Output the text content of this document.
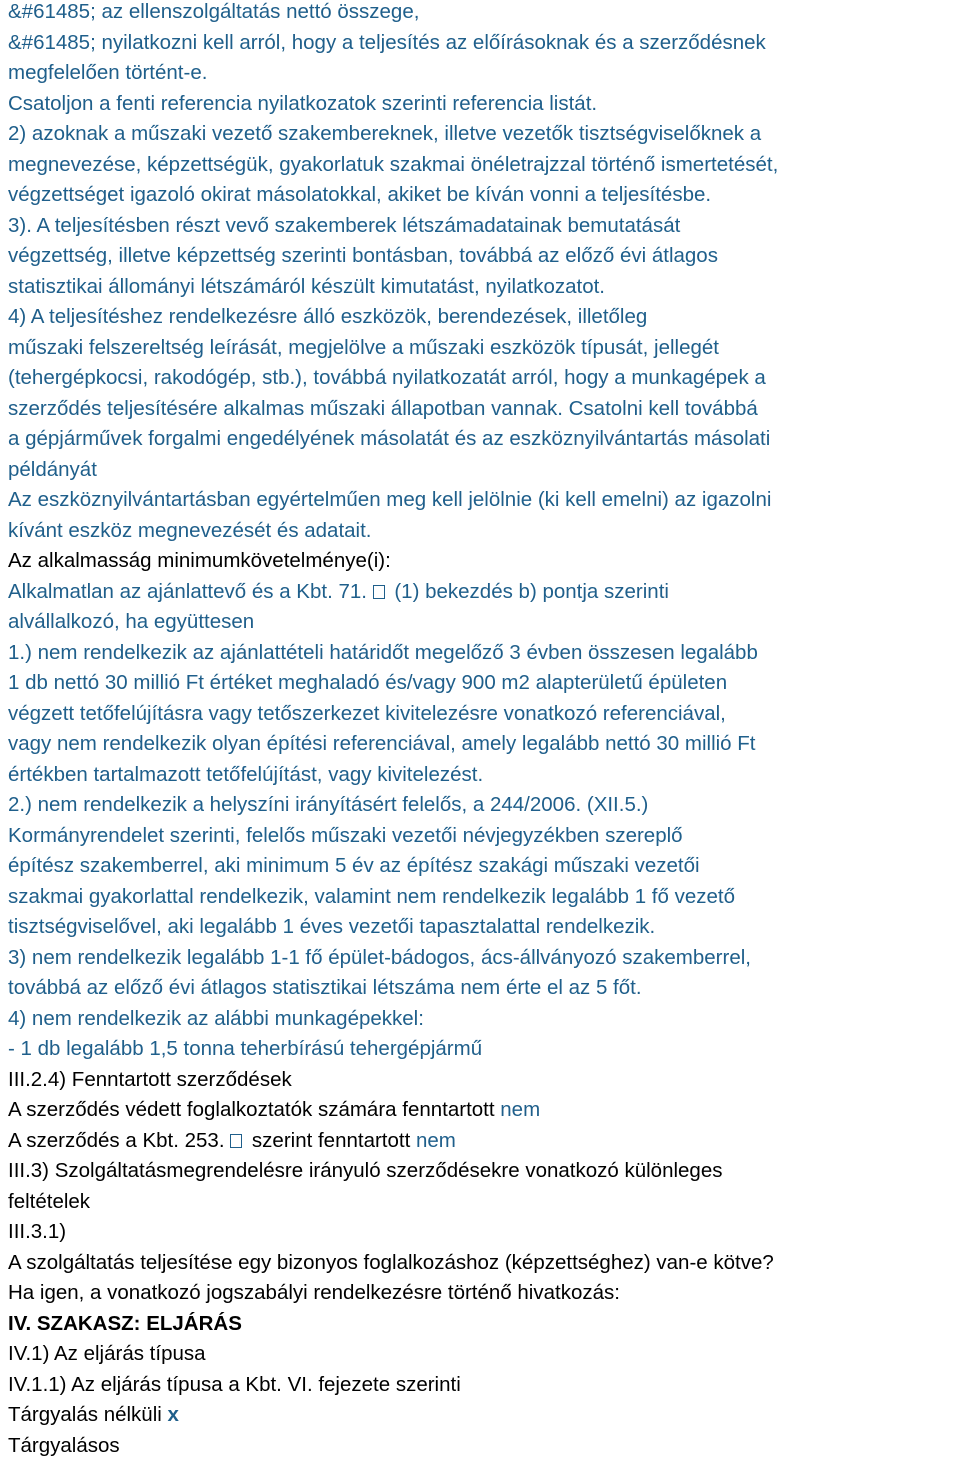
&#61485; az ellenszolgáltatás nettó összege,
&#61485; nyilatkozni kell arról, hogy a teljesítés az előírásoknak és a szerződésnek
megfelelően történt-e.
Csatoljon a fenti referencia nyilatkozatok szerinti referencia listát.
2) azoknak a műszaki vezető szakembereknek, illetve vezetők tisztségviselőknek a
megnevezése, képzettségük, gyakorlatuk szakmai önéletrajzzal történő ismertetését,
végzettséget igazoló okirat másolatokkal, akiket be kíván vonni a teljesítésbe.
3). A teljesítésben részt vevő szakemberek létszámadatainak bemutatását
végzettség, illetve képzettség szerinti bontásban, továbbá az előző évi átlagos
statisztikai állományi létszámáról készült kimutatást, nyilatkozatot.
4) A teljesítéshez rendelkezésre álló eszközök, berendezések, illetőleg
műszaki felszereltség leírását, megjelölve a műszaki eszközök típusát, jellegét
(tehergépkocsi, rakodógép, stb.), továbbá nyilatkozatát arról, hogy a munkagépek a
szerződés teljesítésére alkalmas műszaki állapotban vannak. Csatolni kell továbbá
a gépjárművek forgalmi engedélyének másolatát és az eszköznyilvántartás másolati
példányát
Az eszköznyilvántartásban egyértelműen meg kell jelölnie (ki kell emelni) az igazolni
kívánt eszköz megnevezését és adatait.
Az alkalmasság minimumkövetelménye(i):
Alkalmatlan az ajánlattevő és a Kbt. 71.  (1) bekezdés b) pontja szerinti
alvállalkozó, ha együttesen
1.) nem rendelkezik az ajánlattételi határidőt megelőző 3 évben összesen legalább
1 db nettó 30 millió Ft értéket meghaladó és/vagy 900 m2 alapterületű épületen
végzett tetőfelújításra vagy tetőszerkezet kivitelezésre vonatkozó referenciával,
vagy nem rendelkezik olyan építési referenciával, amely legalább nettó 30 millió Ft
értékben tartalmazott tetőfelújítást, vagy kivitelezést.
2.) nem rendelkezik a helyszíni irányításért felelős, a 244/2006. (XII.5.)
Kormányrendelet szerinti, felelős műszaki vezetői névjegyzékben szereplő
építész szakemberrel, aki minimum 5 év az építész szakági műszaki vezetői
szakmai gyakorlattal rendelkezik, valamint nem rendelkezik legalább 1 fő vezető
tisztségviselővel, aki legalább 1 éves vezetői tapasztalattal rendelkezik.
3) nem rendelkezik legalább 1-1 fő épület-bádogos, ács-állványozó szakemberrel,
továbbá az előző évi átlagos statisztikai létszáma nem érte el az 5 főt.
4) nem rendelkezik az alábbi munkagépekkel:
- 1 db legalább 1,5 tonna teherbírású tehergépjármű
III.2.4) Fenntartott szerződések
A szerződés védett foglalkoztatók számára fenntartott nem
A szerződés a Kbt. 253.  szerint fenntartott nem
III.3) Szolgáltatásmegrendelésre irányuló szerződésekre vonatkozó különleges
feltételek
III.3.1)
A szolgáltatás teljesítése egy bizonyos foglalkozáshoz (képzettséghez) van-e kötve?
Ha igen, a vonatkozó jogszabályi rendelkezésre történő hivatkozás:
IV. SZAKASZ: ELJÁRÁS
IV.1) Az eljárás típusa
IV.1.1) Az eljárás típusa a Kbt. VI. fejezete szerinti
Tárgyalás nélküli x
Tárgyalásos
